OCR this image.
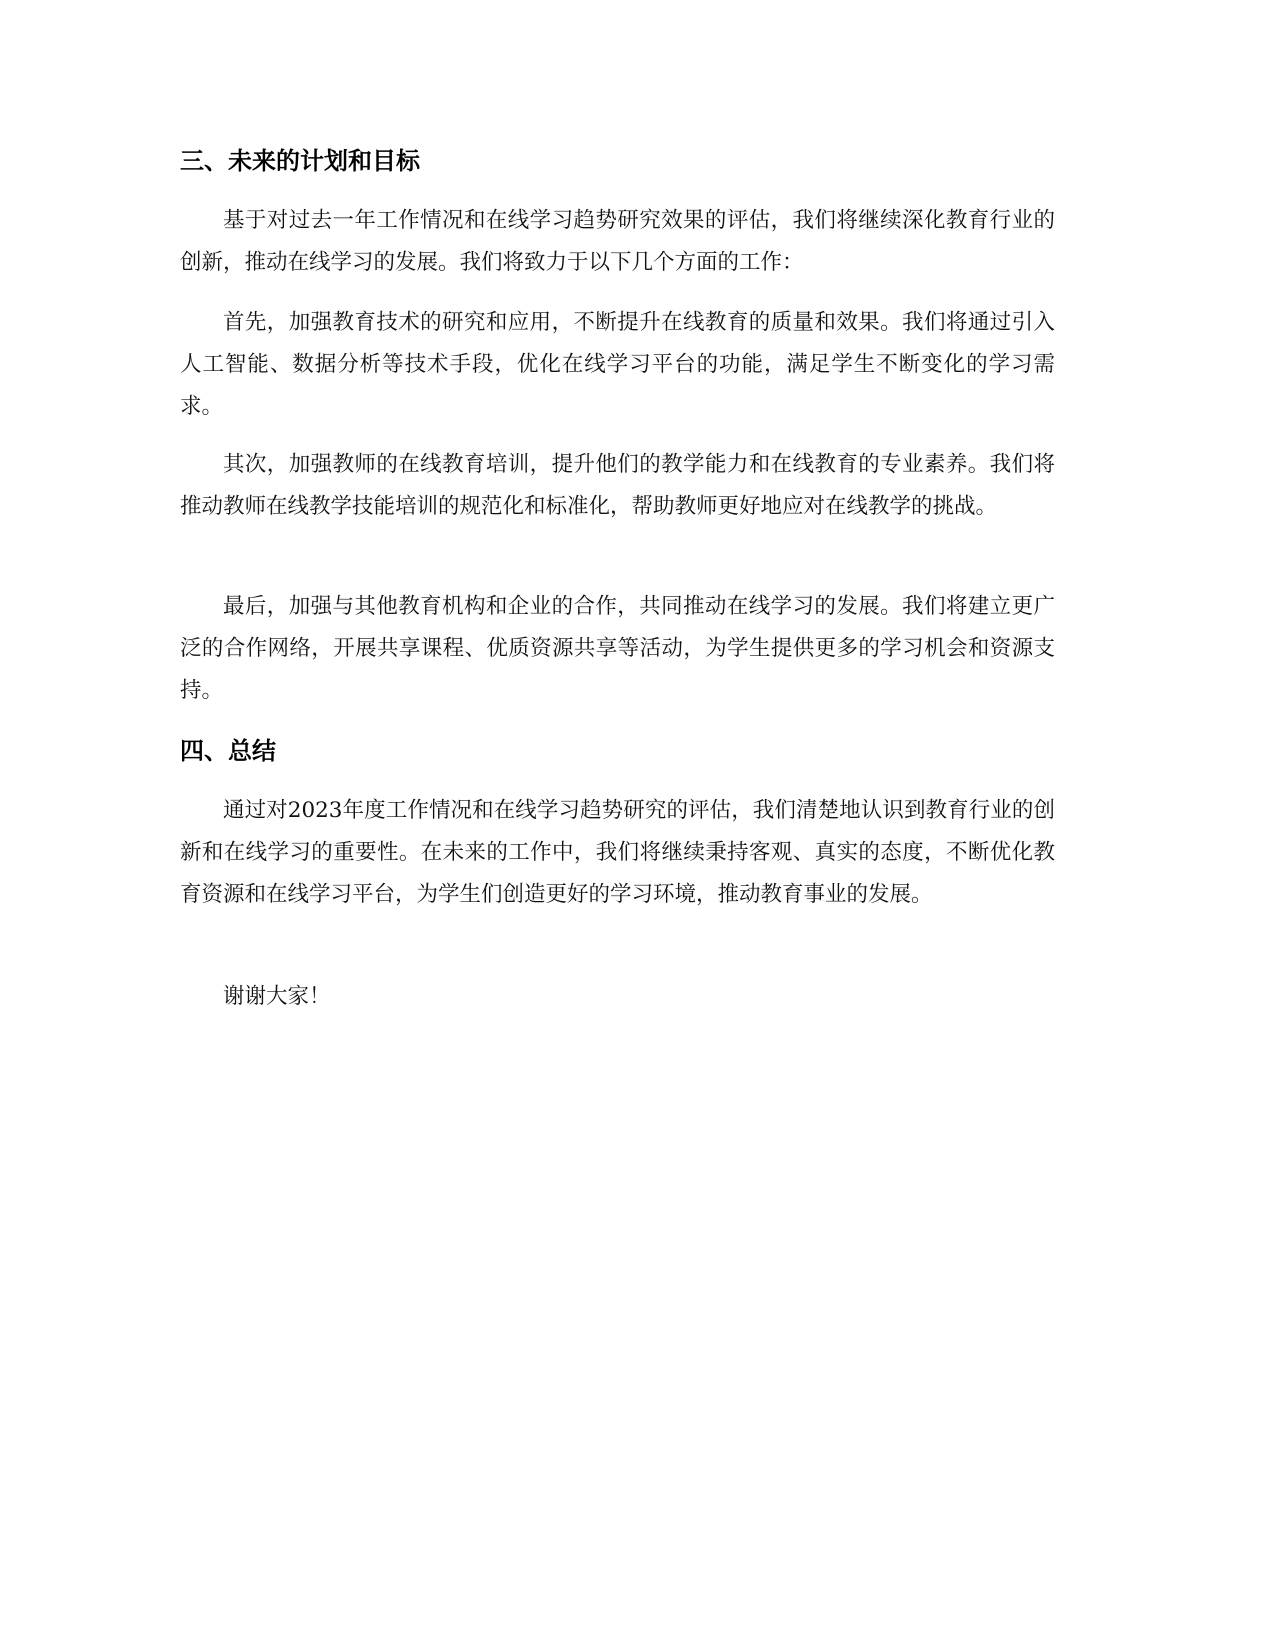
三、未来的计划和目标

基于对过去一年工作情况和在线学习趋势研究效果的评估，我们将继续深化教育行业的创新，推动在线学习的发展。我们将致力于以下几个方面的工作：

首先，加强教育技术的研究和应用，不断提升在线教育的质量和效果。我们将通过引入人工智能、数据分析等技术手段，优化在线学习平台的功能，满足学生不断变化的学习需求。

其次，加强教师的在线教育培训，提升他们的教学能力和在线教育的专业素养。我们将推动教师在线教学技能培训的规范化和标准化，帮助教师更好地应对在线教学的挑战。

最后，加强与其他教育机构和企业的合作，共同推动在线学习的发展。我们将建立更广泛的合作网络，开展共享课程、优质资源共享等活动，为学生提供更多的学习机会和资源支持。

四、总结

通过对2023年度工作情况和在线学习趋势研究的评估，我们清楚地认识到教育行业的创新和在线学习的重要性。在未来的工作中，我们将继续秉持客观、真实的态度，不断优化教育资源和在线学习平台，为学生们创造更好的学习环境，推动教育事业的发展。

谢谢大家！
